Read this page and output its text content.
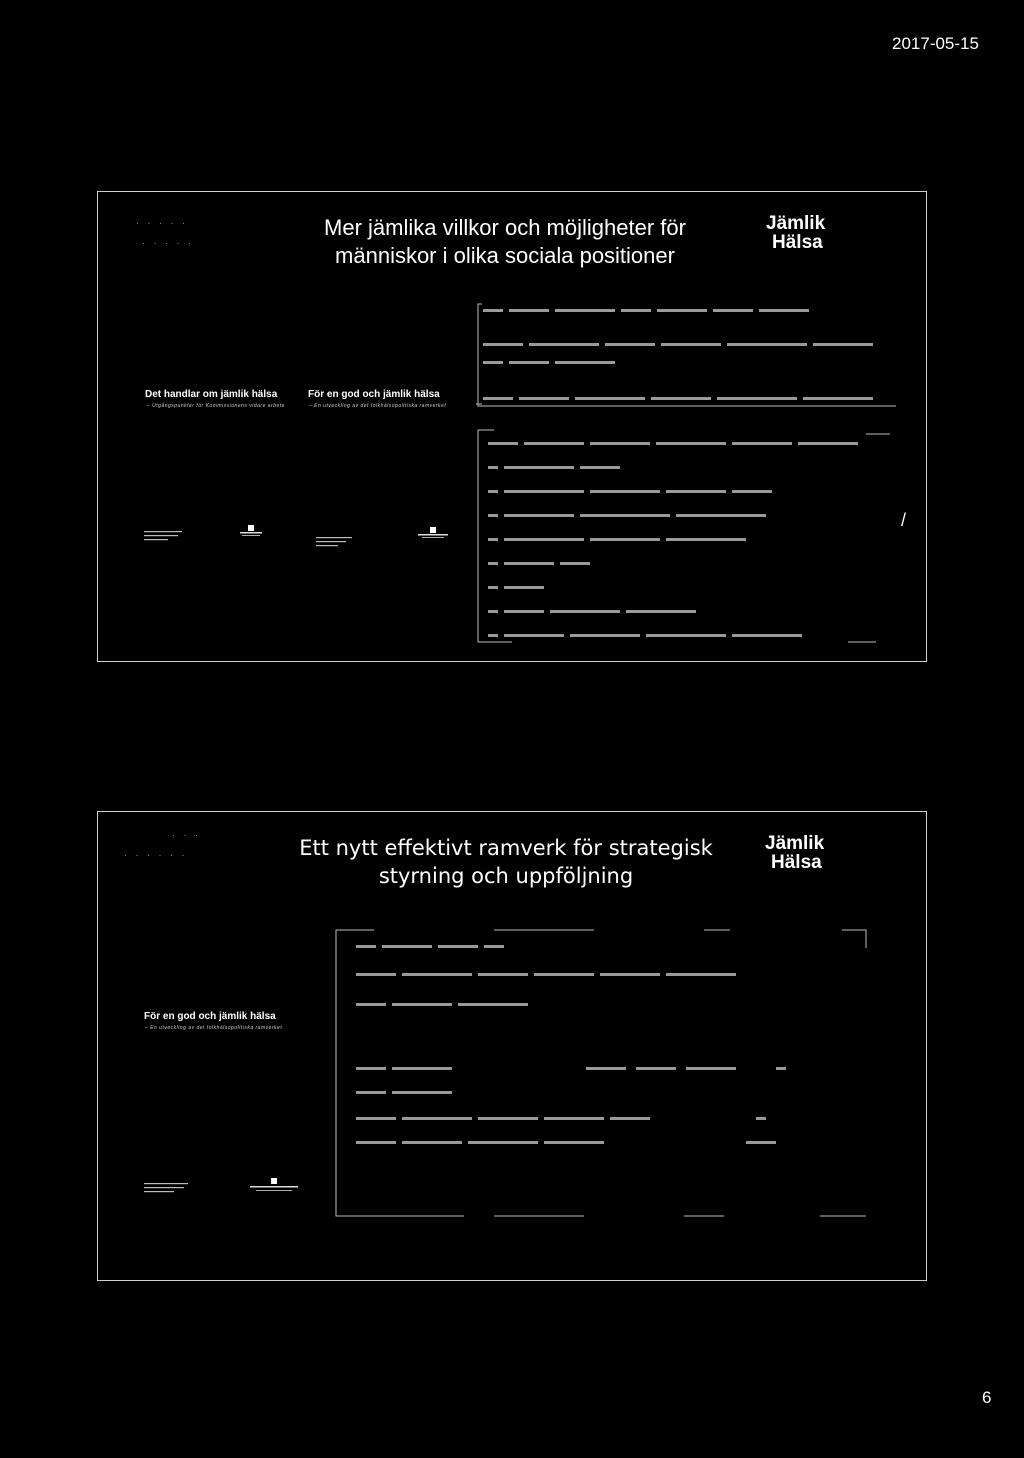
2017-05-15
· · · · ·
· · · · ·
Mer jämlika villkor och möjligheter för människor i olika sociala positioner
Jämlik
Hälsa
Det handlar om jämlik hälsa
– Utgångspunkter för Kommissionens vidare arbete
För en god och jämlik hälsa
– En utveckling av det folkhälsopolitiska ramverket
/
· · ·
· · · · · ·	Ett nytt effektivt ramverk för strategisk styrning och uppföljning
Jämlik
Hälsa
För en god och jämlik hälsa
– En utveckling av det folkhälsopolitiska ramverket
6
